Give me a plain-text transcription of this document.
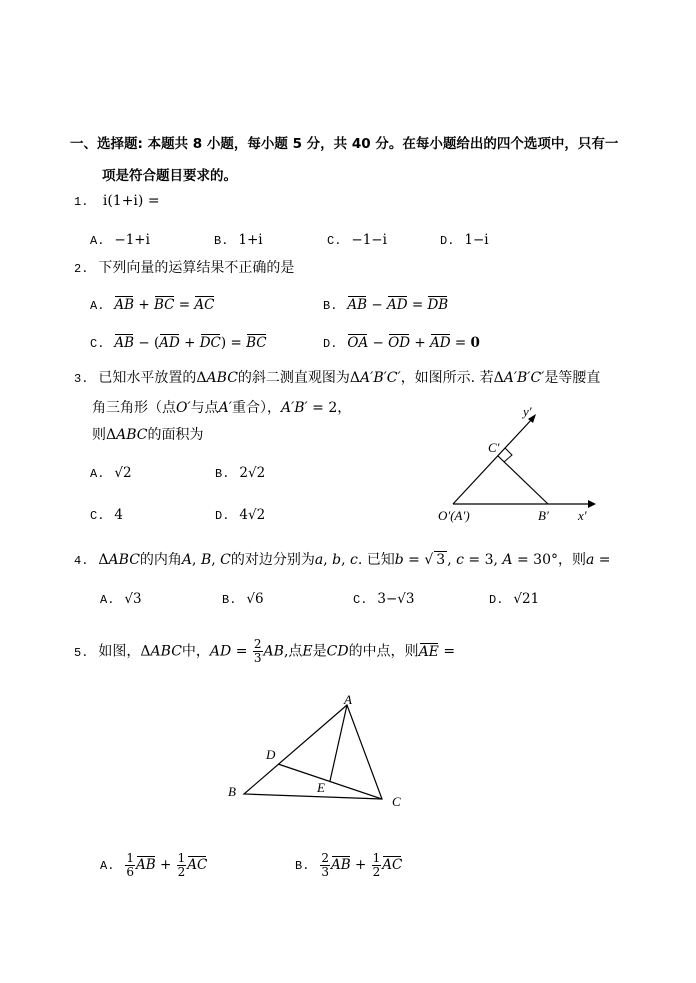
一、选择题: 本题共 8 小题，每小题 5 分，共 40 分。在每小题给出的四个选项中，只有一
项是符合题目要求的。
1. i(1+i) =
A. −1+i	B. 1+i	C. −1−i	D. 1−i
2. 下列向量的运算结果不正确的是
A. AB + BC = AC	B. AB − AD = DB
C. AB − (AD + DC) = BC	D. OA − OD + AD = 0
3. 已知水平放置的ΔABC的斜二测直观图为ΔA′B′C′，如图所示. 若ΔA′B′C′是等腰直
角三角形（点O′与点A′重合），A′B′ = 2，
则ΔABC的面积为
A. √2	B. 2√2
C. 4	D. 4√2
y′
x′
C′
O′(A′)	B′
4. ΔABC的内角A, B, C的对边分别为a, b, c. 已知b = √ 3 , c = 3, A = 30°，则a =
A. √3	B. √6	C. 3−√3	D. √21
5. 如图，ΔABC中，AD = $\frac{2}{3}$ AB,点E是CD的中点，则AE =
A
B
C
D
E
A. $\frac{1}{6}$ AB + $\frac{1}{2}$ AC	B. $\frac{2}{3}$ AB + $\frac{1}{2}$ AC
